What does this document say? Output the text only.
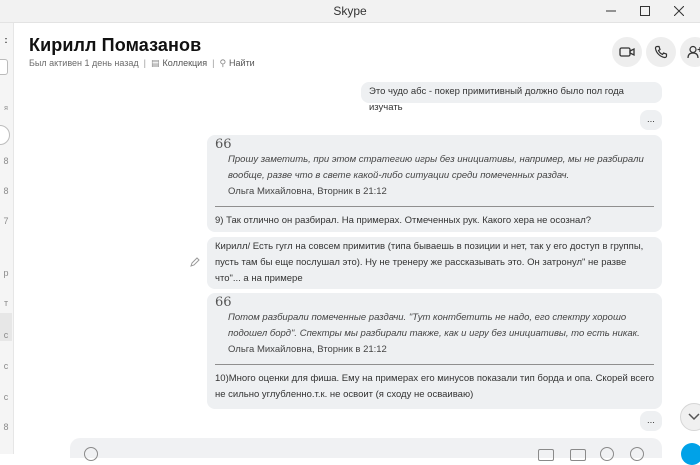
Skype
:
я
8
8
7
р
т
с
с
с
8
Кирилл Помазанов
Был активен 1 день назад | ▤ Коллекция | ⚲ Найти
Это чудо абс - покер примитивный должно было пол года изучать
...
66
Прошу заметить, при этом стратегию игры без инициативы, например, мы не разбирали вообще, разве что в свете какой-либо ситуации среди помеченных раздач.
Ольга Михайловна, Вторник в 21:12
9) Так отлично он разбирал. На примерах. Отмеченных рук. Какого хера не осознал?
Кирилл/ Есть гугл на совсем примитив (типа бываешь в позиции и нет, так у его доступ в группы, пусть там бы еще послушал это). Ну не тренеру же рассказывать это. Он затронул" не разве что"... а на примере
66
Потом разбирали помеченные раздачи. "Тут контбетить не надо, его спектру хорошо подошел борд". Спектры мы разбирали также, как и игру без инициативы, то есть никак.
Ольга Михайловна, Вторник в 21:12
10)Много оценки для фиша. Ему на примерах его минусов показали тип борда и опа. Скорей всего не сильно углубленно.т.к. не освоит (я сходу не осваиваю)
...
